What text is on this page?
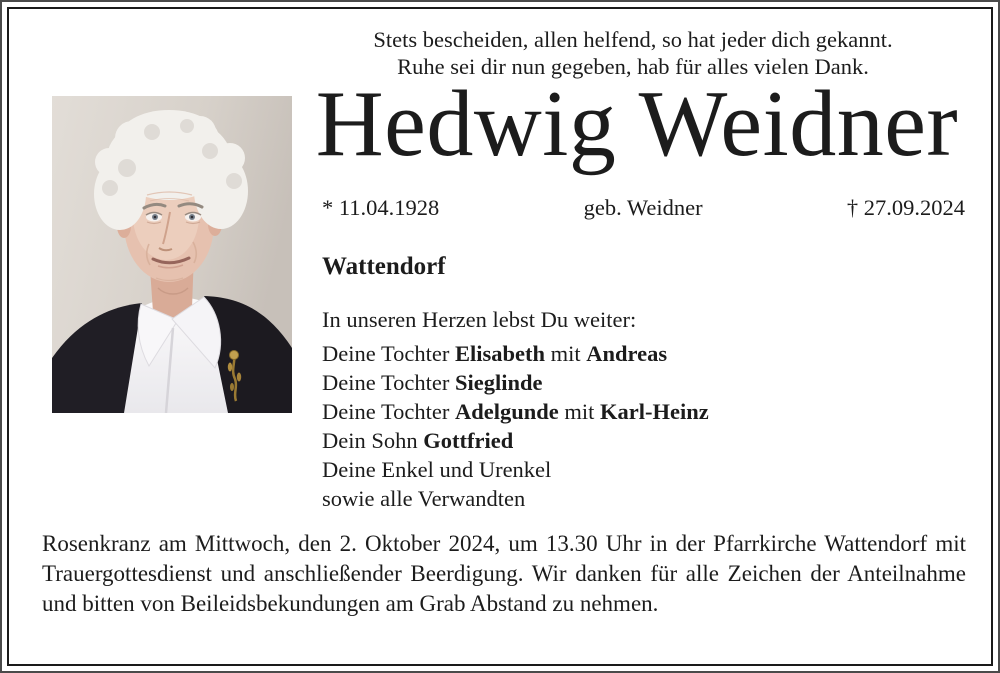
Stets bescheiden, allen helfend, so hat jeder dich gekannt.
Ruhe sei dir nun gegeben, hab für alles vielen Dank.
Hedwig Weidner
* 11.04.1928	geb. Weidner	† 27.09.2024
Wattendorf
In unseren Herzen lebst Du weiter:
Deine Tochter Elisabeth mit Andreas
Deine Tochter Sieglinde
Deine Tochter Adelgunde mit Karl-Heinz
Dein Sohn Gottfried
Deine Enkel und Urenkel
sowie alle Verwandten

Rosenkranz am Mittwoch, den 2. Oktober 2024, um 13.30 Uhr in der Pfarrkirche Wattendorf mit Trauergottesdienst und anschließender Beerdigung. Wir danken für alle Zeichen der Anteilnahme und bitten von Beileidsbekundungen am Grab Abstand zu nehmen.
